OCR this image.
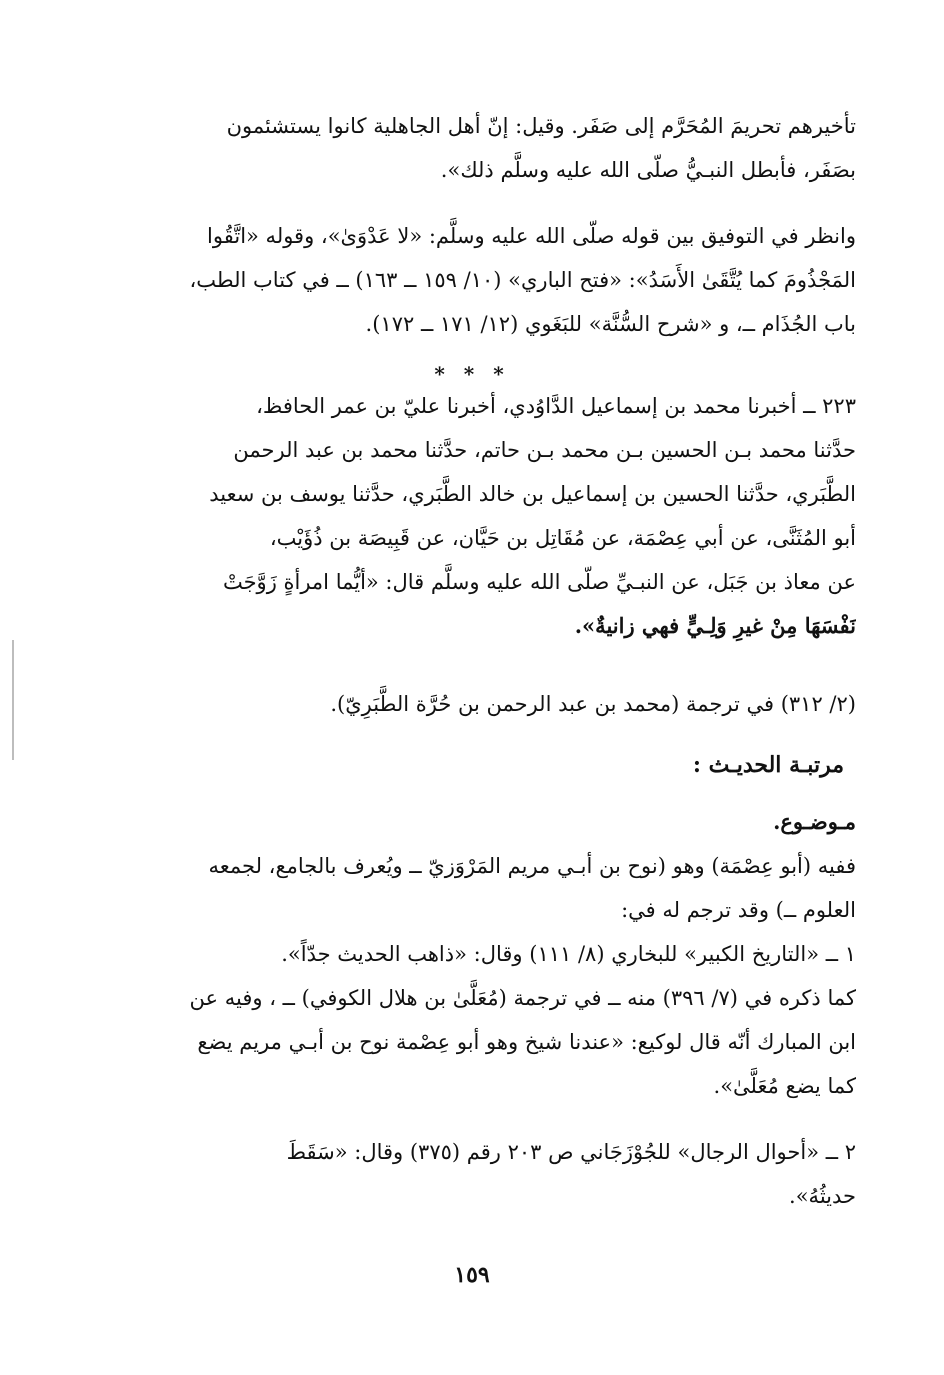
تأخيرهم تحريمَ المُحَرَّم إلى صَفَر. وقيل: إنّ أهل الجاهلية كانوا يستشئمون
بصَفَر، فأبطل النبـيُّ صلّى الله عليه وسلَّم ذلك».
وانظر في التوفيق بين قوله صلّى الله عليه وسلَّم: «لا عَدْوَىٰ»، وقوله «اتَّقُوا
المَجْذُومَ كما يُتَّقَىٰ الأَسَدُ»: «فتح الباري» (١٠/ ١٥٩ ــ ١٦٣) ــ في كتاب الطب،
باب الجُذَام ــ، و «شرح السُّنَّة» للبَغَوي (١٢/ ١٧١ ــ ١٧٢).
* * *
٢٢٣ ــ أخبرنا محمد بن إسماعيل الدَّاوُدي، أخبرنا عليّ بن عمر الحافظ،
حدَّثنا محمد بـن الحسين بـن محمد بـن حاتم، حدَّثنا محمد بن عبد الرحمن
الطَّبَري، حدَّثنا الحسين بن إسماعيل بن خالد الطَّبَري، حدَّثنا يوسف بن سعيد
أبو المُثَنَّى، عن أبي عِصْمَة، عن مُقَاتِل بن حَيَّان، عن قَبِيصَة بن ذُؤَيْب،
عن معاذ بن جَبَل، عن النبـيِّ صلّى الله عليه وسلَّم قال: «أيُّما امرأةٍ زَوَّجَتْ
نَفْسَهَا مِنْ غيرِ وَلِـيٍّ فهي زانيةٌ».
(٢/ ٣١٢) في ترجمة (محمد بن عبد الرحمن بن حُرَّة الطَّبَرِيّ).
مرتبـة الحديـث :
مـوضـوع.
ففيه (أبو عِصْمَة) وهو (نوح بن أبـي مريم المَرْوَزيّ ــ ويُعرف بالجامع، لجمعه
العلوم ــ) وقد ترجم له في:
١ ــ «التاريخ الكبير» للبخاري (٨/ ١١١) وقال: «ذاهب الحديث جدّاً».
كما ذكره في (٧/ ٣٩٦) منه ــ في ترجمة (مُعَلَّىٰ بن هلال الكوفي) ــ ، وفيه عن
ابن المبارك أنّه قال لوكيع: «عندنا شيخ وهو أبو عِصْمة نوح بن أبـي مريم يضع
كما يضع مُعَلَّىٰ».
٢ ــ «أحوال الرجال» للجُوْزَجَاني ص ٢٠٣ رقم (٣٧٥) وقال: «سَقَطَ
حديثُهُ».
١٥٩
